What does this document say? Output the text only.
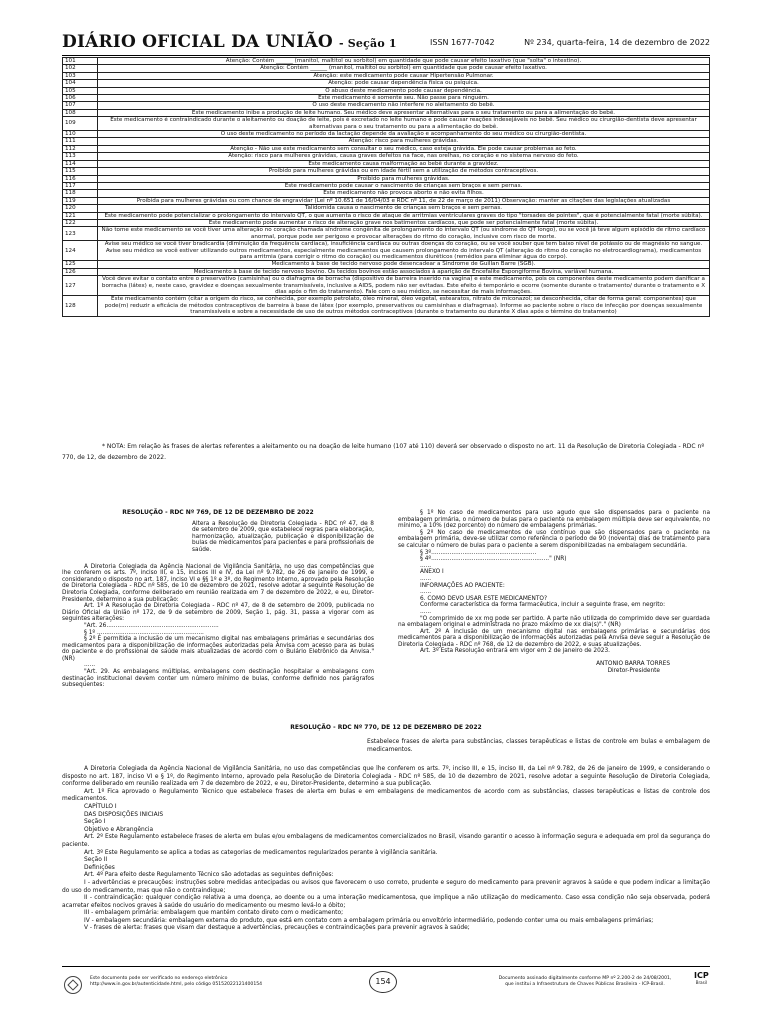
DIÁRIO OFICIAL DA UNIÃO - Seção 1	ISSN 1677-7042	Nº 234, quarta-feira, 14 de dezembro de 2022
101	Atenção: Contém ______ (manitol, maltitol ou sorbitol) em quantidade que pode causar efeito laxativo (que "solta" o intestino).
102	Atenção: Contém ______ (manitol, maltitol ou sorbitol) em quantidade que pode causar efeito laxativo.
103	Atenção: este medicamento pode causar Hipertensão Pulmonar.
104	Atenção: pode causar dependência física ou psíquica.
105	O abuso deste medicamento pode causar dependência.
106	Este medicamento é somente seu. Não passe para ninguém.
107	O uso deste medicamento não interfere no aleitamento do bebê.
108	Este medicamento inibe a produção de leite humano. Seu médico deve apresentar alternativas para o seu tratamento ou para a alimentação do bebê.
109	Este medicamento é contraindicado durante o aleitamento ou doação de leite, pois é excretado no leite humano e pode causar reações indesejáveis no bebê. Seu médico ou cirurgião-dentista deve apresentar alternativas para o seu tratamento ou para a alimentação do bebê.
110	O uso deste medicamento no período da lactação depende da avaliação e acompanhamento do seu médico ou cirurgião-dentista.
111	Atenção: risco para mulheres grávidas.
112	Atenção - Não use este medicamento sem consultar o seu médico, caso esteja grávida. Ele pode causar problemas ao feto.
113	Atenção: risco para mulheres grávidas, causa graves defeitos na face, nas orelhas, no coração e no sistema nervoso do feto.
114	Este medicamento causa malformação ao bebê durante a gravidez.
115	Proibido para mulheres grávidas ou em idade fértil sem a utilização de métodos contraceptivos.
116	Proibido para mulheres grávidas.
117	Este medicamento pode causar o nascimento de crianças sem braços e sem pernas.
118	Este medicamento não provoca aborto e não evita filhos.
119	Proibida para mulheres grávidas ou com chance de engravidar (Lei nº 10.651 de 16/04/03 e RDC nº 11, de 22 de março de 2011) Observação: manter as citações das legislações atualizadas
120	Talidomida causa o nascimento de crianças sem braços e sem pernas.
121	Este medicamento pode potencializar o prolongamento do intervalo QT, o que aumenta o risco de ataque de arritmias ventriculares graves do tipo "torsades de pointes", que é potencialmente fatal (morte súbita).
122	Este medicamento pode aumentar o risco de alteração grave nos batimentos cardíacos, que pode ser potencialmente fatal (morte súbita).
123	Não tome este medicamento se você tiver uma alteração no coração chamada síndrome congênita de prolongamento do intervalo QT (ou síndrome do QT longo), ou se você já teve algum episódio de ritmo cardíaco anormal, porque pode ser perigoso e provocar alterações do ritmo do coração, inclusive com risco de morte.
124	Avise seu médico se você tiver bradicardia (diminuição da frequência cardíaca), insuficiência cardíaca ou outras doenças do coração, ou se você souber que tem baixo nível de potássio ou de magnésio no sangue. Avise seu médico se você estiver utilizando outros medicamentos, especialmente medicamentos que causem prolongamento do intervalo QT (alteração do ritmo do coração no eletrocardiograma), medicamentos para arritmia (para corrigir o ritmo do coração) ou medicamentos diuréticos (remédios para eliminar água do corpo).
125	Medicamento à base de tecido nervoso pode desencadear a Síndrome de Guillan Barre (SGB).
126	Medicamento à base de tecido nervoso bovino. Os tecidos bovinos estão associados à aparição de Encefalite Espongiforme Bovina, variável humana.
127	Você deve evitar o contato entre o preservativo (camisinha) ou o diafragma de borracha (dispositivo de barreira inserido na vagina) e este medicamento, pois os componentes deste medicamento podem danificar a borracha (látex) e, neste caso, gravidez e doenças sexualmente transmissíveis, inclusive a AIDS, podem não ser evitadas. Este efeito é temporário e ocorre (somente durante o tratamento/ durante o tratamento e X dias após o fim do tratamento). Fale com o seu médico, se necessitar de mais informações.
128	Este medicamento contém (citar a origem do risco, se conhecida, por exemplo petrolato, óleo mineral, óleo vegetal, estearatos, nitrato de miconazol; se desconhecida, citar de forma geral: componentes) que pode(m) reduzir a eficácia de métodos contraceptivos de barreira à base de látex (por exemplo, preservativos ou camisinhas e diafragmas). Informe ao paciente sobre o risco de infecção por doenças sexualmente transmissíveis e sobre a necessidade de uso de outros métodos contraceptivos (durante o tratamento ou durante X dias após o término do tratamento)
* NOTA: Em relação às frases de alertas referentes a aleitamento ou na doação de leite humano (107 até 110) deverá ser observado o disposto no art. 11 da Resolução de Diretoria Colegiada - RDC nº 770, de 12, de dezembro de 2022.

RESOLUÇÃO - RDC Nº 769, DE 12 DE DEZEMBRO DE 2022

Altera a Resolução de Diretoria Colegiada - RDC nº 47, de 8 de setembro de 2009, que estabelece regras para elaboração, harmonização, atualização, publicação e disponibilização de bulas de medicamentos para pacientes e para profissionais de saúde.

A Diretoria Colegiada da Agência Nacional de Vigilância Sanitária, no uso das competências que lhe conferem os arts. 7º, inciso III, e 15, incisos III e IV, da Lei nº 9.782, de 26 de janeiro de 1999, e considerando o disposto no art. 187, inciso VI e §§ 1º e 3º, do Regimento Interno, aprovado pela Resolução de Diretoria Colegiada - RDC nº 585, de 10 de dezembro de 2021, resolve adotar a seguinte Resolução de Diretoria Colegiada, conforme deliberado em reunião realizada em 7 de dezembro de 2022, e eu, Diretor-Presidente, determino a sua publicação:

Art. 1º A Resolução de Diretoria Colegiada - RDC nº 47, de 8 de setembro de 2009, publicada no Diário Oficial da União nº 172, de 9 de setembro de 2009, Seção 1, pág. 31, passa a vigorar com as seguintes alterações:

"Art. 26.............................................................

§ 1º ..........................................................

§ 2º É permitida a inclusão de um mecanismo digital nas embalagens primárias e secundárias dos medicamentos para a disponibilização de informações autorizadas pela Anvisa com acesso para as bulas do paciente e do profissional de saúde mais atualizadas de acordo com o Bulário Eletrônico da Anvisa." (NR)

......

"Art. 29. As embalagens múltiplas, embalagens com destinação hospitalar e embalagens com destinação institucional devem conter um número mínimo de bulas, conforme definido nos parágrafos subsequentes:

§ 1º No caso de medicamentos para uso agudo que são dispensados para o paciente na embalagem primária, o número de bulas para o paciente na embalagem múltipla deve ser equivalente, no mínimo, a 10% (dez porcento) do número de embalagens primárias.

§ 2º No caso de medicamentos de uso contínuo que são dispensados para o paciente na embalagem primária, deve-se utilizar como referência o período de 90 (noventa) dias de tratamento para se calcular o número de bulas para o paciente a serem disponibilizadas na embalagem secundária.

§ 3º.........................................................

§ 4º................................................................" (NR)

......

ANEXO I

......

INFORMAÇÕES AO PACIENTE:

......

6. COMO DEVO USAR ESTE MEDICAMENTO?

Conforme característica da forma farmacêutica, incluir a seguinte frase, em negrito:

......

"O comprimido de xx mg pode ser partido. A parte não utilizada do comprimido deve ser guardada na embalagem original e administrada no prazo máximo de xx dia(s)"." (NR)

Art. 2º A inclusão de um mecanismo digital nas embalagens primárias e secundárias dos medicamentos para a disponibilização de informações autorizadas pela Anvisa deve seguir a Resolução de Diretoria Colegiada - RDC nº 768, de 12 de dezembro de 2022, e suas atualizações.

Art. 3º Esta Resolução entrará em vigor em 2 de janeiro de 2023.

ANTONIO BARRA TORRES

Diretor-Presidente

RESOLUÇÃO - RDC Nº 770, DE 12 DE DEZEMBRO DE 2022

Estabelece frases de alerta para substâncias, classes terapêuticas e listas de controle em bulas e embalagem de medicamentos.

A Diretoria Colegiada da Agência Nacional de Vigilância Sanitária, no uso das competências que lhe conferem os arts. 7º, inciso III, e 15, inciso III, da Lei nº 9.782, de 26 de janeiro de 1999, e considerando o disposto no art. 187, inciso VI e § 1º, do Regimento Interno, aprovado pela Resolução de Diretoria Colegiada - RDC nº 585, de 10 de dezembro de 2021, resolve adotar a seguinte Resolução de Diretoria Colegiada, conforme deliberado em reunião realizada em 7 de dezembro de 2022, e eu, Diretor-Presidente, determino a sua publicação.

Art. 1º Fica aprovado o Regulamento Técnico que estabelece frases de alerta em bulas e em embalagens de medicamentos de acordo com as substâncias, classes terapêuticas e listas de controle dos medicamentos.

CAPÍTULO I

DAS DISPOSIÇÕES INICIAIS

Seção I

Objetivo e Abrangência

Art. 2º Este Regulamento estabelece frases de alerta em bulas e/ou embalagens de medicamentos comercializados no Brasil, visando garantir o acesso à informação segura e adequada em prol da segurança do paciente.

Art. 3º Este Regulamento se aplica a todas as categorias de medicamentos regularizados perante à vigilância sanitária.

Seção II

Definições

Art. 4º Para efeito deste Regulamento Técnico são adotadas as seguintes definições:

I - advertências e precauções: instruções sobre medidas antecipadas ou avisos que favorecem o uso correto, prudente e seguro do medicamento para prevenir agravos à saúde e que podem indicar a limitação do uso do medicamento, mas que não o contraindique;

II - contraindicação: qualquer condição relativa a uma doença, ao doente ou a uma interação medicamentosa, que implique a não utilização do medicamento. Caso essa condição não seja observada, poderá acarretar efeitos nocivos graves à saúde do usuário do medicamento ou mesmo levá-lo a óbito;

III - embalagem primária: embalagem que mantém contato direto com o medicamento;

IV - embalagem secundária: embalagem externa do produto, que está em contato com a embalagem primária ou envoltório intermediário, podendo conter uma ou mais embalagens primárias;

V - frases de alerta: frases que visam dar destaque a advertências, precauções e contraindicações para prevenir agravos à saúde;

Este documento pode ser verificado no endereço eletrônico
http://www.in.gov.br/autenticidade.html, pelo código 05152022121400154	154	Documento assinado digitalmente conforme MP nº 2.200-2 de 24/08/2001,
que institui a Infraestrutura de Chaves Públicas Brasileira - ICP-Brasil.
ICP
Brasil
